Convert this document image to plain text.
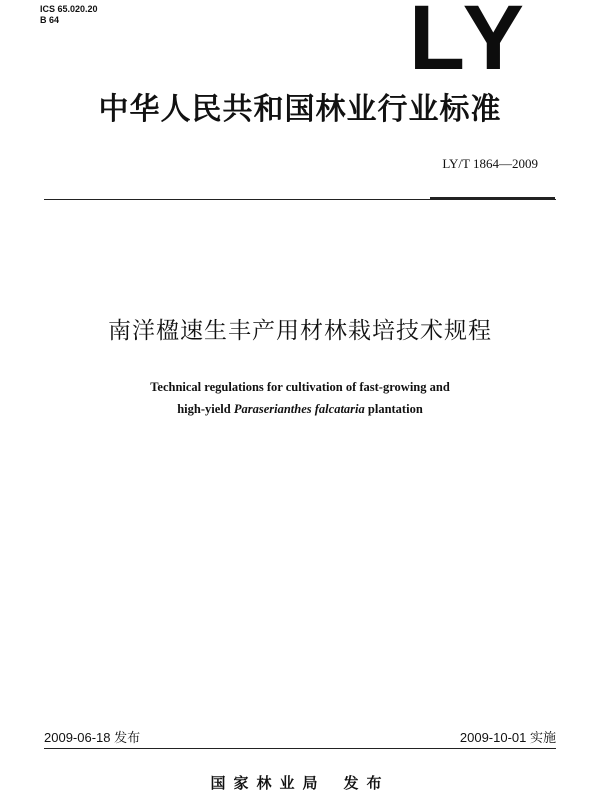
ICS 65.020.20
B 64	LY
中华人民共和国林业行业标准
LY/T 1864—2009
南洋楹速生丰产用材林栽培技术规程
Technical regulations for cultivation of fast-growing and
high-yield Paraserianthes falcataria plantation
2009-06-18 发布	2009-10-01 实施
国家林业局 发布
